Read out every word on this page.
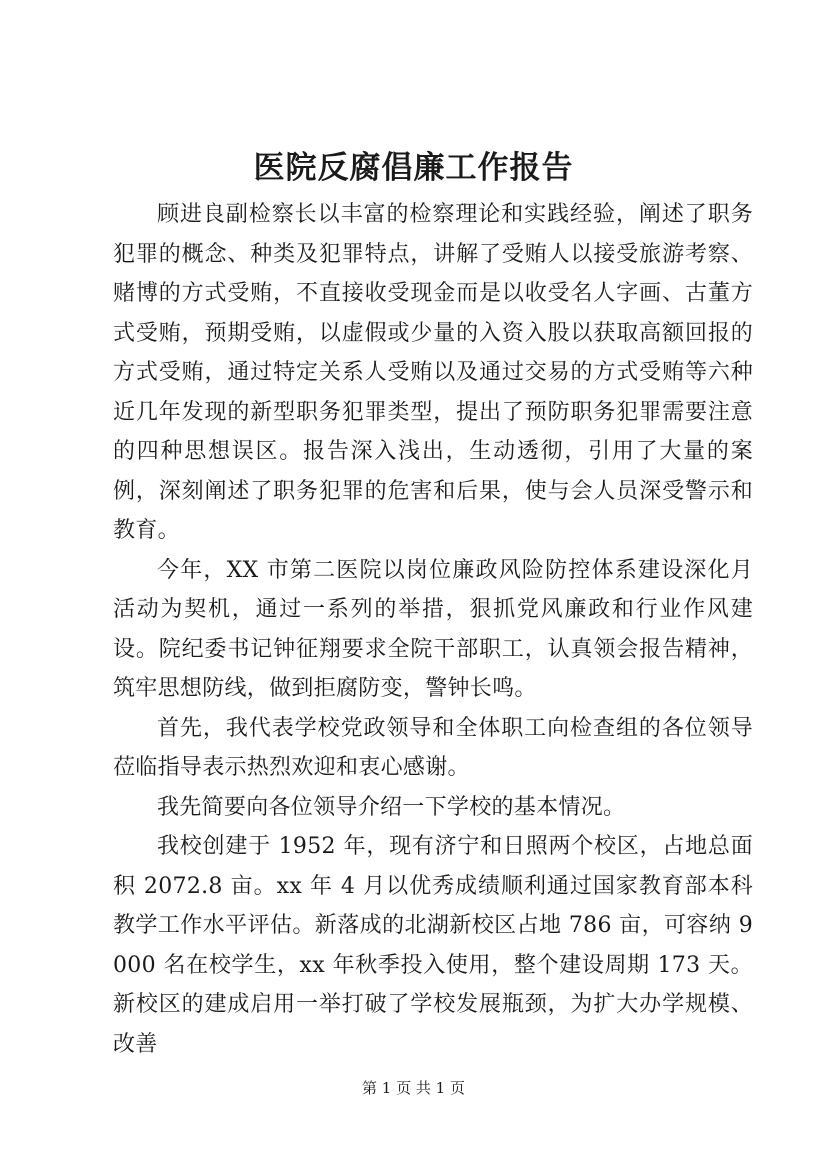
医院反腐倡廉工作报告

顾进良副检察长以丰富的检察理论和实践经验，阐述了职务犯罪的概念、种类及犯罪特点，讲解了受贿人以接受旅游考察、赌博的方式受贿，不直接收受现金而是以收受名人字画、古董方式受贿，预期受贿，以虚假或少量的入资入股以获取高额回报的方式受贿，通过特定关系人受贿以及通过交易的方式受贿等六种近几年发现的新型职务犯罪类型，提出了预防职务犯罪需要注意的四种思想误区。报告深入浅出，生动透彻，引用了大量的案例，深刻阐述了职务犯罪的危害和后果，使与会人员深受警示和教育。

今年，XX 市第二医院以岗位廉政风险防控体系建设深化月活动为契机，通过一系列的举措，狠抓党风廉政和行业作风建设。院纪委书记钟征翔要求全院干部职工，认真领会报告精神，筑牢思想防线，做到拒腐防变，警钟长鸣。

首先，我代表学校党政领导和全体职工向检查组的各位领导莅临指导表示热烈欢迎和衷心感谢。

我先简要向各位领导介绍一下学校的基本情况。

我校创建于 1952 年，现有济宁和日照两个校区，占地总面积 2072.8 亩。xx 年 4 月以优秀成绩顺利通过国家教育部本科教学工作水平评估。新落成的北湖新校区占地 786 亩，可容纳 9000 名在校学生，xx 年秋季投入使用，整个建设周期 173 天。新校区的建成启用一举打破了学校发展瓶颈，为扩大办学规模、改善

第 1 页 共 1 页
